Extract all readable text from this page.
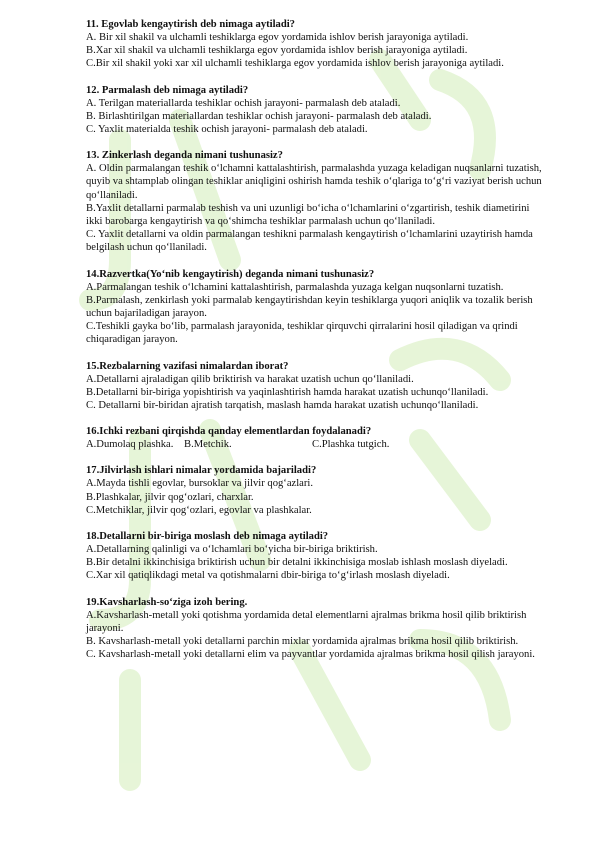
11. Egovlab kengaytirish deb nimaga aytiladi?
A. Bir xil shakil va ulchamli teshiklarga egov yordamida ishlov berish jarayoniga aytiladi.
B.Xar xil shakil va ulchamli teshiklarga egov yordamida ishlov berish jarayoniga aytiladi.
C.Bir xil shakil yoki xar xil ulchamli teshiklarga egov yordamida ishlov berish jarayoniga aytiladi.
12. Parmalash deb nimaga aytiladi?
A. Terilgan materiallarda teshiklar ochish jarayoni- parmalash deb ataladi.
B. Birlashtirilgan materiallardan teshiklar ochish jarayoni- parmalash deb ataladi.
C. Yaxlit materialda teshik ochish jarayoni- parmalash deb ataladi.
13. Zinkerlash deganda nimani tushunasiz?
A. Oldin parmalangan teshik o‘lchamni kattalashtirish, parmalashda yuzaga keladigan nuqsanlarni tuzatish, quyib va shtamplab olingan teshiklar aniqligini oshirish hamda teshik o‘qlariga to‘g‘ri vaziyat berish uchun qo‘llaniladi.
B.Yaxlit detallarni parmalab teshish va uni uzunligi bo‘icha o‘lchamlarini o‘zgartirish, teshik diametirini ikki barobarga kengaytirish va qo‘shimcha teshiklar parmalash uchun qo‘llaniladi.
C. Yaxlit detallarni va oldin parmalangan teshikni parmalash kengaytirish o‘lchamlarini uzaytirish hamda belgilash uchun qo‘llaniladi.
14.Razvertka(Yo‘nib kengaytirish) deganda nimani tushunasiz?
A.Parmalangan teshik o‘lchamini kattalashtirish, parmalashda yuzaga kelgan nuqsonlarni tuzatish.
B.Parmalash, zenkirlash yoki parmalab kengaytirishdan keyin teshiklarga yuqori aniqlik va tozalik berish uchun bajariladigan jarayon.
C.Teshikli gayka bo‘lib, parmalash jarayonida, teshiklar qirquvchi qirralarini hosil qiladigan va qrindi chiqaradigan jarayon.
15.Rezbalarning vazifasi nimalardan iborat?
A.Detallarni ajraladigan qilib briktirish va harakat uzatish uchun qo‘llaniladi.
B.Detallarni bir-biriga yopishtirish va yaqinlashtirish hamda harakat uzatish uchunqo‘llaniladi.
C. Detallarni bir-biridan ajratish tarqatish, maslash hamda harakat uzatish uchunqo‘llaniladi.
16.Ichki rezbani qirqishda qanday elementlardan foydalanadi?
A.Dumolaq plashka.	B.Metchik.	C.Plashka tutgich.
17.Jilvirlash ishlari nimalar yordamida bajariladi?
A.Mayda tishli egovlar, bursoklar va jilvir qog‘azlari.
B.Plashkalar, jilvir qog‘ozlari, charxlar.
C.Metchiklar, jilvir qog‘ozlari, egovlar va plashkalar.
18.Detallarni bir-biriga moslash deb nimaga aytiladi?
A.Detallarning qalinligi va o‘lchamlari bo‘yicha bir-biriga briktirish.
B.Bir detalni ikkinchisiga briktirish uchun bir detalni ikkinchisiga moslab ishlash moslash diyeladi.
C.Xar xil qatiqlikdagi metal va qotishmalarni dbir-biriga to‘g‘irlash moslash diyeladi.
19.Kavsharlash-so‘ziga izoh bering.
A.Kavsharlash-metall yoki qotishma yordamida detal elementlarni ajralmas brikma hosil qilib briktirish jarayoni.
B. Kavsharlash-metall yoki detallarni parchin mixlar yordamida ajralmas brikma hosil qilib briktirish.
C. Kavsharlash-metall yoki detallarni elim va payvantlar yordamida ajralmas brikma hosil qilish jarayoni.
